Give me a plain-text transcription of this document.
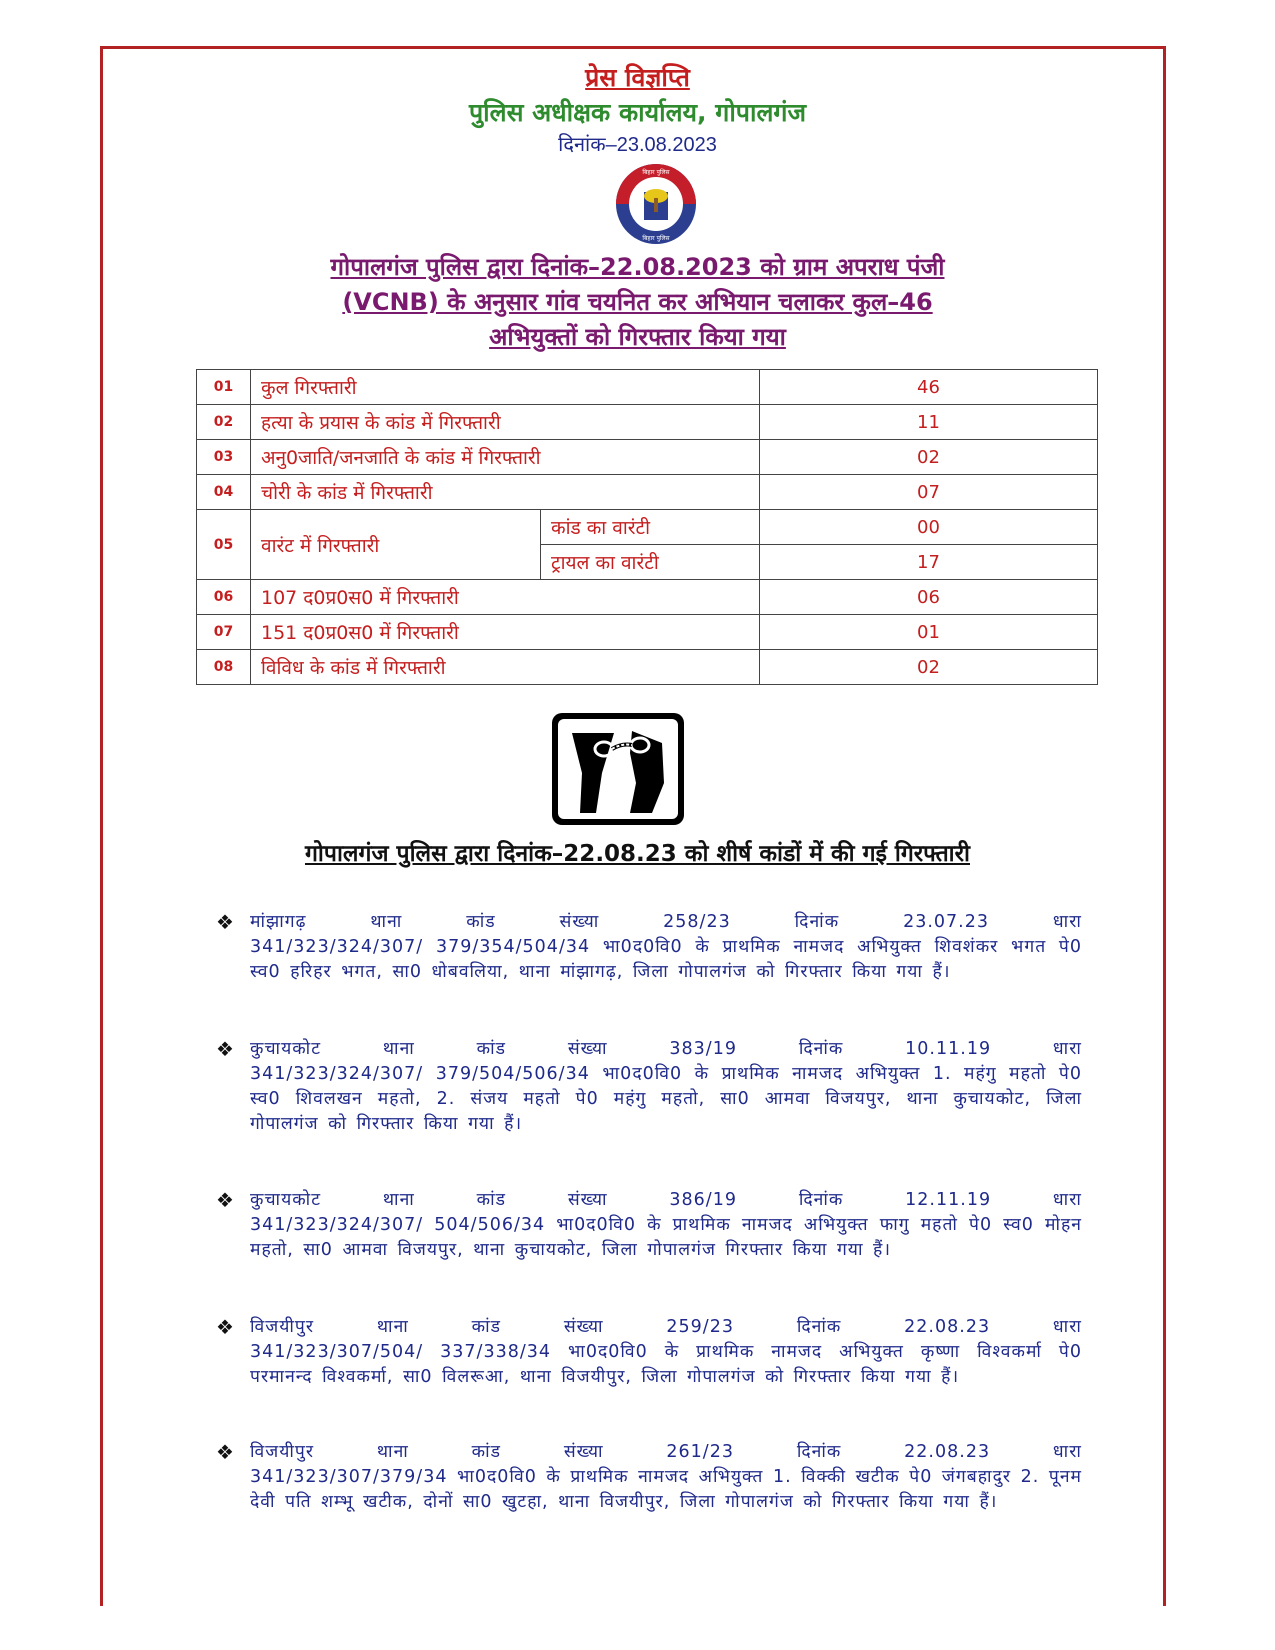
प्रेस विज्ञप्ति
पुलिस अधीक्षक कार्यालय, गोपालगंज
दिनांक–23.08.2023
बिहार पुलिस
बिहार पुलिस
गोपालगंज पुलिस द्वारा दिनांक–22.08.2023 को ग्राम अपराध पंजी
(VCNB) के अनुसार गांव चयनित कर अभियान चलाकर कुल–46
अभियुक्तों को गिरफ्तार किया गया
01	कुल गिरफ्तारी		46
02	हत्या के प्रयास के कांड में गिरफ्तारी		11
03	अनु0जाति/जनजाति के कांड में गिरफ्तारी		02
04	चोरी के कांड में गिरफ्तारी		07
05	वारंट में गिरफ्तारी	कांड का वारंटी	00
		ट्रायल का वारंटी	17
06	107 द0प्र0स0 में गिरफ्तारी		06
07	151 द0प्र0स0 में गिरफ्तारी		01
08	विविध के कांड में गिरफ्तारी		02
गोपालगंज पुलिस द्वारा दिनांक–22.08.23 को शीर्ष कांडों में की गई गिरफ्तारी
❖ मांझागढ़	थाना	कांड	संख्या	258/23	दिनांक	23.07.23	धारा
341/323/324/307/ 379/354/504/34 भा0द0वि0 के प्राथमिक नामजद अभियुक्त शिवशंकर भगत पे0 स्व0 हरिहर भगत, सा0 धोबवलिया, थाना मांझागढ़, जिला गोपालगंज को गिरफ्तार किया गया हैं।
❖ कुचायकोट	थाना	कांड	संख्या	383/19	दिनांक	10.11.19	धारा
341/323/324/307/ 379/504/506/34 भा0द0वि0 के प्राथमिक नामजद अभियुक्त 1. महंगु महतो पे0 स्व0 शिवलखन महतो, 2. संजय महतो पे0 महंगु महतो, सा0 आमवा विजयपुर, थाना कुचायकोट, जिला गोपालगंज को गिरफ्तार किया गया हैं।
❖ कुचायकोट	थाना	कांड	संख्या	386/19	दिनांक	12.11.19	धारा
341/323/324/307/ 504/506/34 भा0द0वि0 के प्राथमिक नामजद अभियुक्त फागु महतो पे0 स्व0 मोहन महतो, सा0 आमवा विजयपुर, थाना कुचायकोट, जिला गोपालगंज गिरफ्तार किया गया हैं।
❖ विजयीपुर	थाना	कांड	संख्या	259/23	दिनांक	22.08.23	धारा
341/323/307/504/ 337/338/34 भा0द0वि0 के प्राथमिक नामजद अभियुक्त कृष्णा विश्वकर्मा पे0 परमानन्द विश्वकर्मा, सा0 विलरूआ, थाना विजयीपुर, जिला गोपालगंज को गिरफ्तार किया गया हैं।
❖ विजयीपुर	थाना	कांड	संख्या	261/23	दिनांक	22.08.23	धारा
341/323/307/379/34 भा0द0वि0 के प्राथमिक नामजद अभियुक्त 1. विक्की खटीक पे0 जंगबहादुर 2. पूनम देवी पति शम्भू खटीक, दोनों सा0 खुटहा, थाना विजयीपुर, जिला गोपालगंज को गिरफ्तार किया गया हैं।
